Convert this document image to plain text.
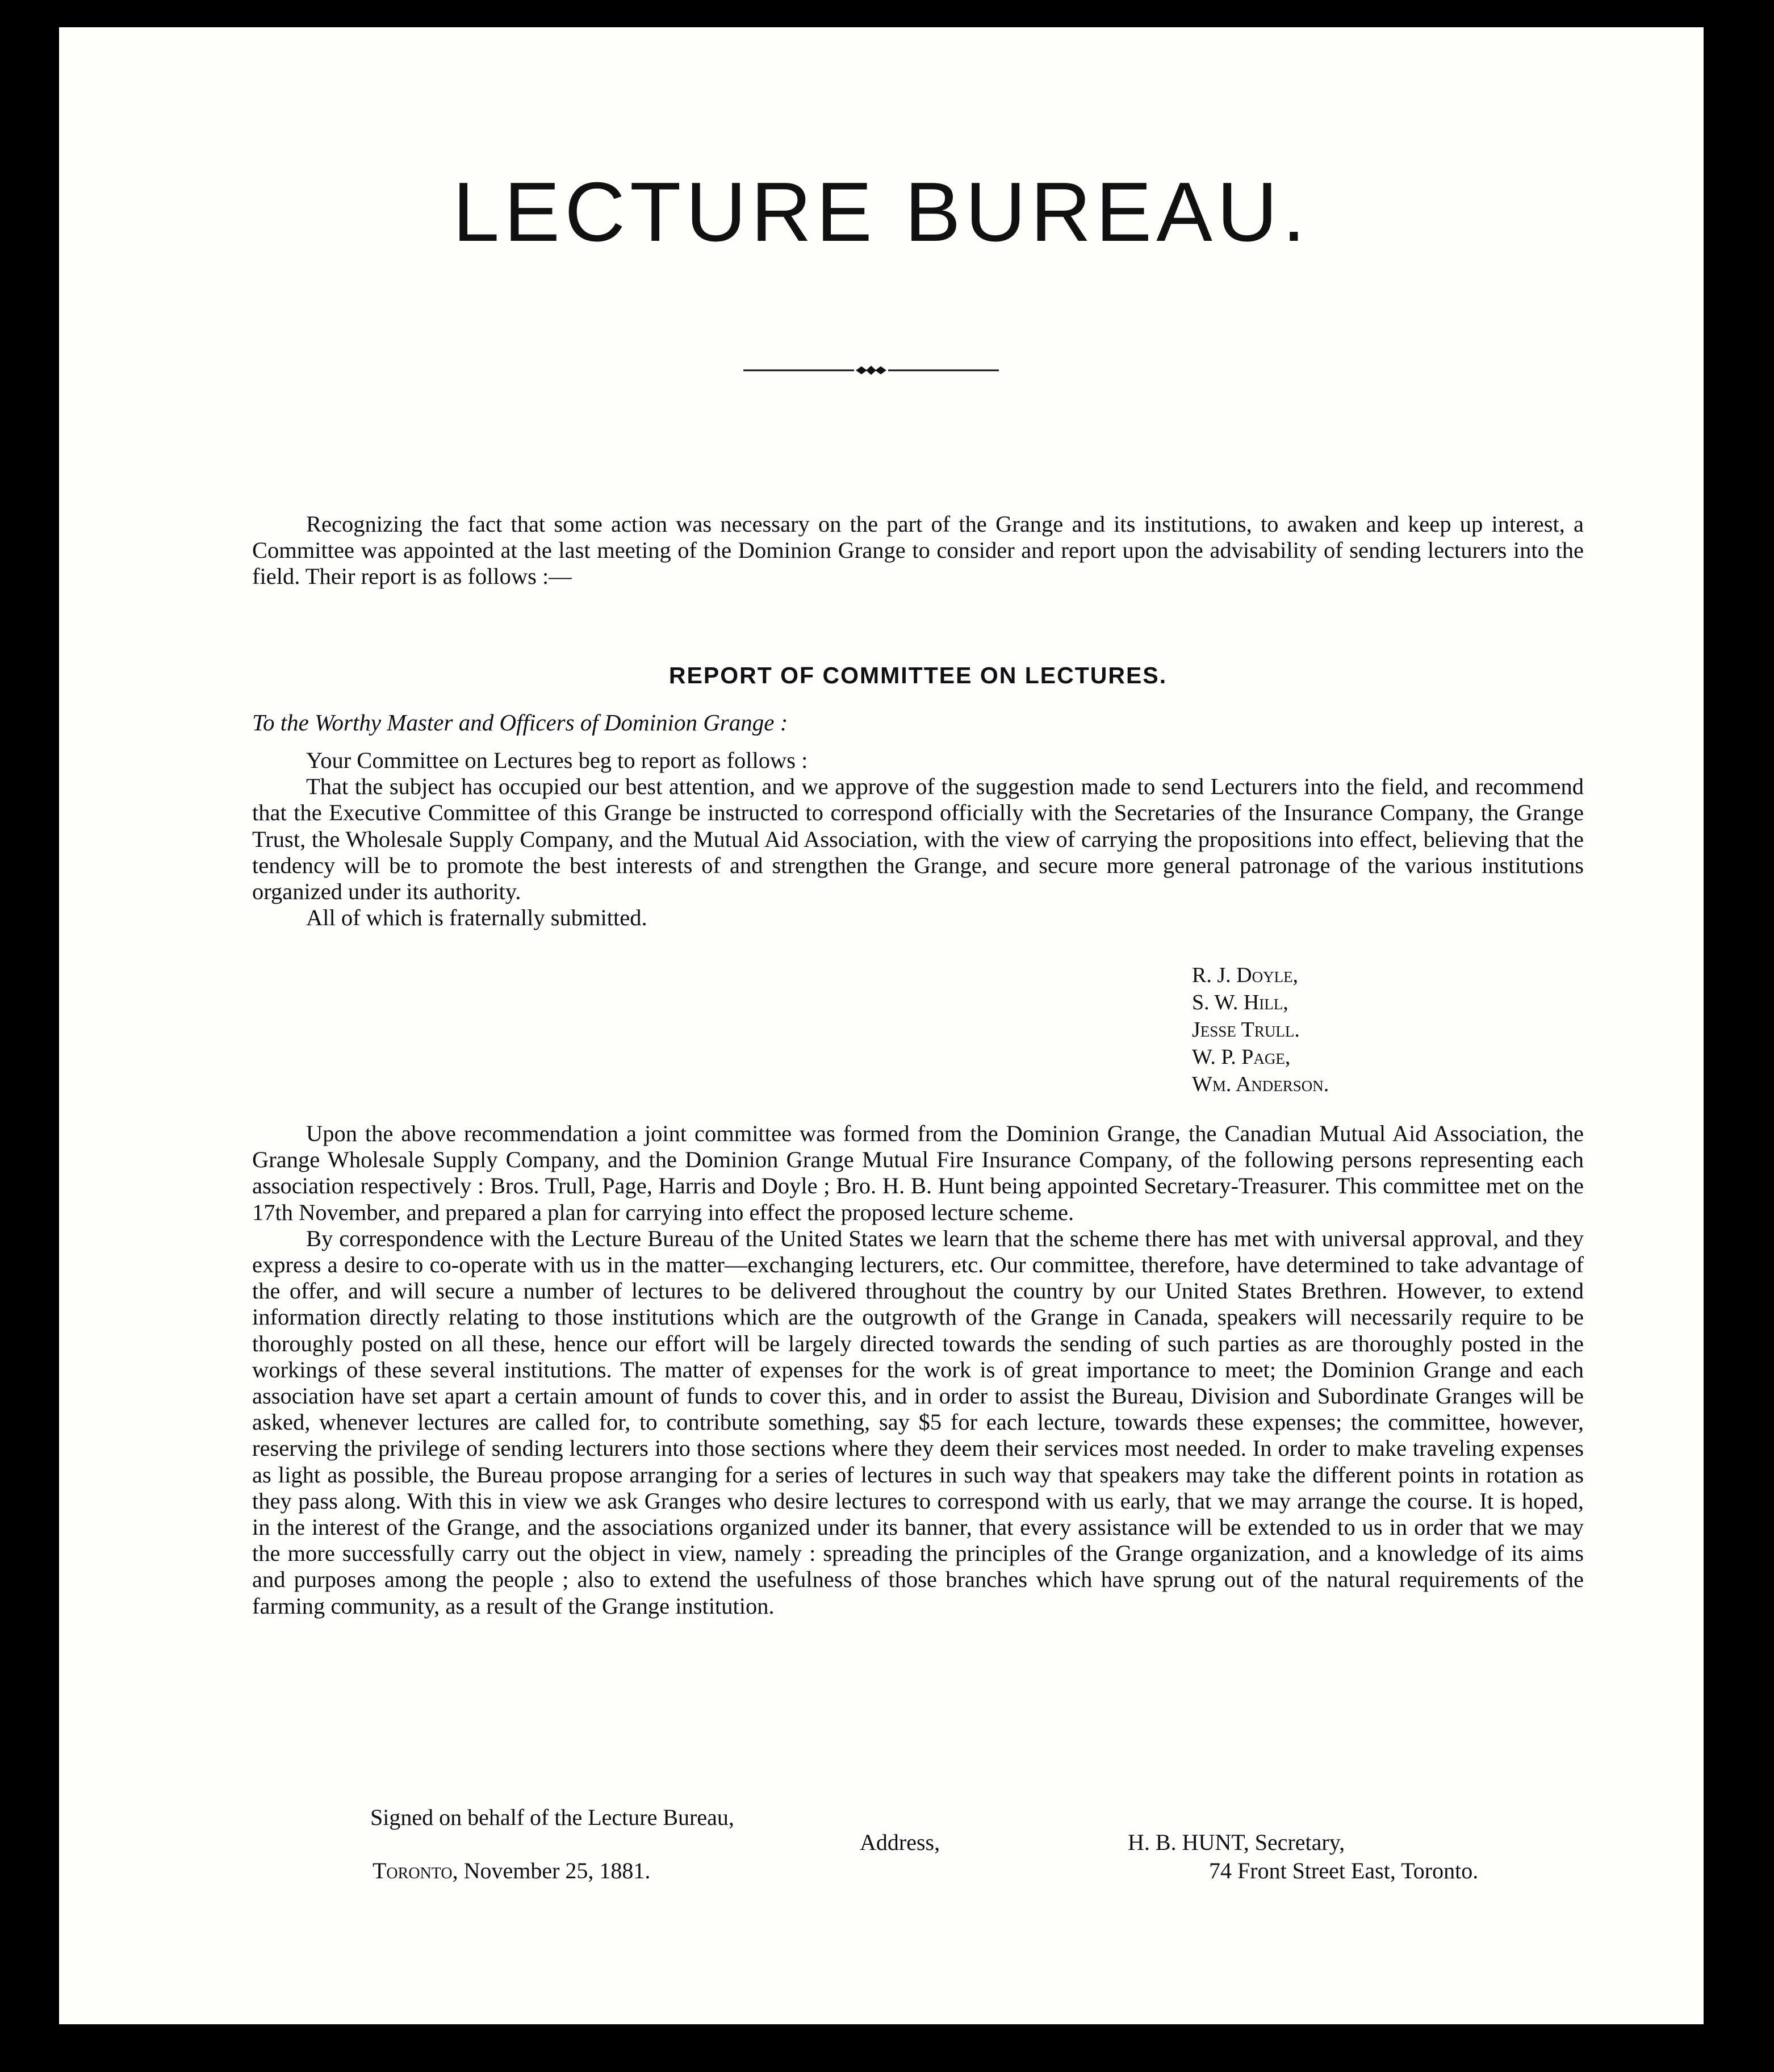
LECTURE BUREAU.

Recognizing the fact that some action was necessary on the part of the Grange and its institutions, to awaken and keep up interest, a Committee was appointed at the last meeting of the Dominion Grange to consider and report upon the advisability of sending lecturers into the field. Their report is as follows :—

REPORT OF COMMITTEE ON LECTURES.

To the Worthy Master and Officers of Dominion Grange :

Your Committee on Lectures beg to report as follows :

That the subject has occupied our best attention, and we approve of the suggestion made to send Lecturers into the field, and recommend that the Executive Committee of this Grange be instructed to correspond officially with the Secretaries of the Insurance Company, the Grange Trust, the Wholesale Supply Company, and the Mutual Aid Association, with the view of carrying the propositions into effect, believing that the tendency will be to promote the best interests of and strengthen the Grange, and secure more general patronage of the various institutions organized under its authority.

All of which is fraternally submitted.

R. J. Doyle,
S. W. Hill,
Jesse Trull.
W. P. Page,
Wm. Anderson.

Upon the above recommendation a joint committee was formed from the Dominion Grange, the Canadian Mutual Aid Association, the Grange Wholesale Supply Company, and the Dominion Grange Mutual Fire Insurance Company, of the following persons representing each association respectively : Bros. Trull, Page, Harris and Doyle ; Bro. H. B. Hunt being appointed Secretary-Treasurer. This committee met on the 17th November, and prepared a plan for carrying into effect the proposed lecture scheme.

By correspondence with the Lecture Bureau of the United States we learn that the scheme there has met with universal approval, and they express a desire to co-operate with us in the matter—exchanging lecturers, etc. Our committee, therefore, have determined to take advantage of the offer, and will secure a number of lectures to be delivered throughout the country by our United States Brethren. However, to extend information directly relating to those institutions which are the outgrowth of the Grange in Canada, speakers will necessarily require to be thoroughly posted on all these, hence our effort will be largely directed towards the sending of such parties as are thoroughly posted in the workings of these several institutions. The matter of expenses for the work is of great importance to meet; the Dominion Grange and each association have set apart a certain amount of funds to cover this, and in order to assist the Bureau, Division and Subordinate Granges will be asked, whenever lectures are called for, to contribute something, say $5 for each lecture, towards these expenses; the committee, however, reserving the privilege of sending lecturers into those sections where they deem their services most needed. In order to make traveling expenses as light as possible, the Bureau propose arranging for a series of lectures in such way that speakers may take the different points in rotation as they pass along. With this in view we ask Granges who desire lectures to correspond with us early, that we may arrange the course. It is hoped, in the interest of the Grange, and the associations organized under its banner, that every assistance will be extended to us in order that we may the more successfully carry out the object in view, namely : spreading the principles of the Grange organization, and a knowledge of its aims and purposes among the people ; also to extend the usefulness of those branches which have sprung out of the natural requirements of the farming community, as a result of the Grange institution.

Signed on behalf of the Lecture Bureau,

Address,	H. B. HUNT, Secretary,

Toronto, November 25, 1881.	74 Front Street East, Toronto.
